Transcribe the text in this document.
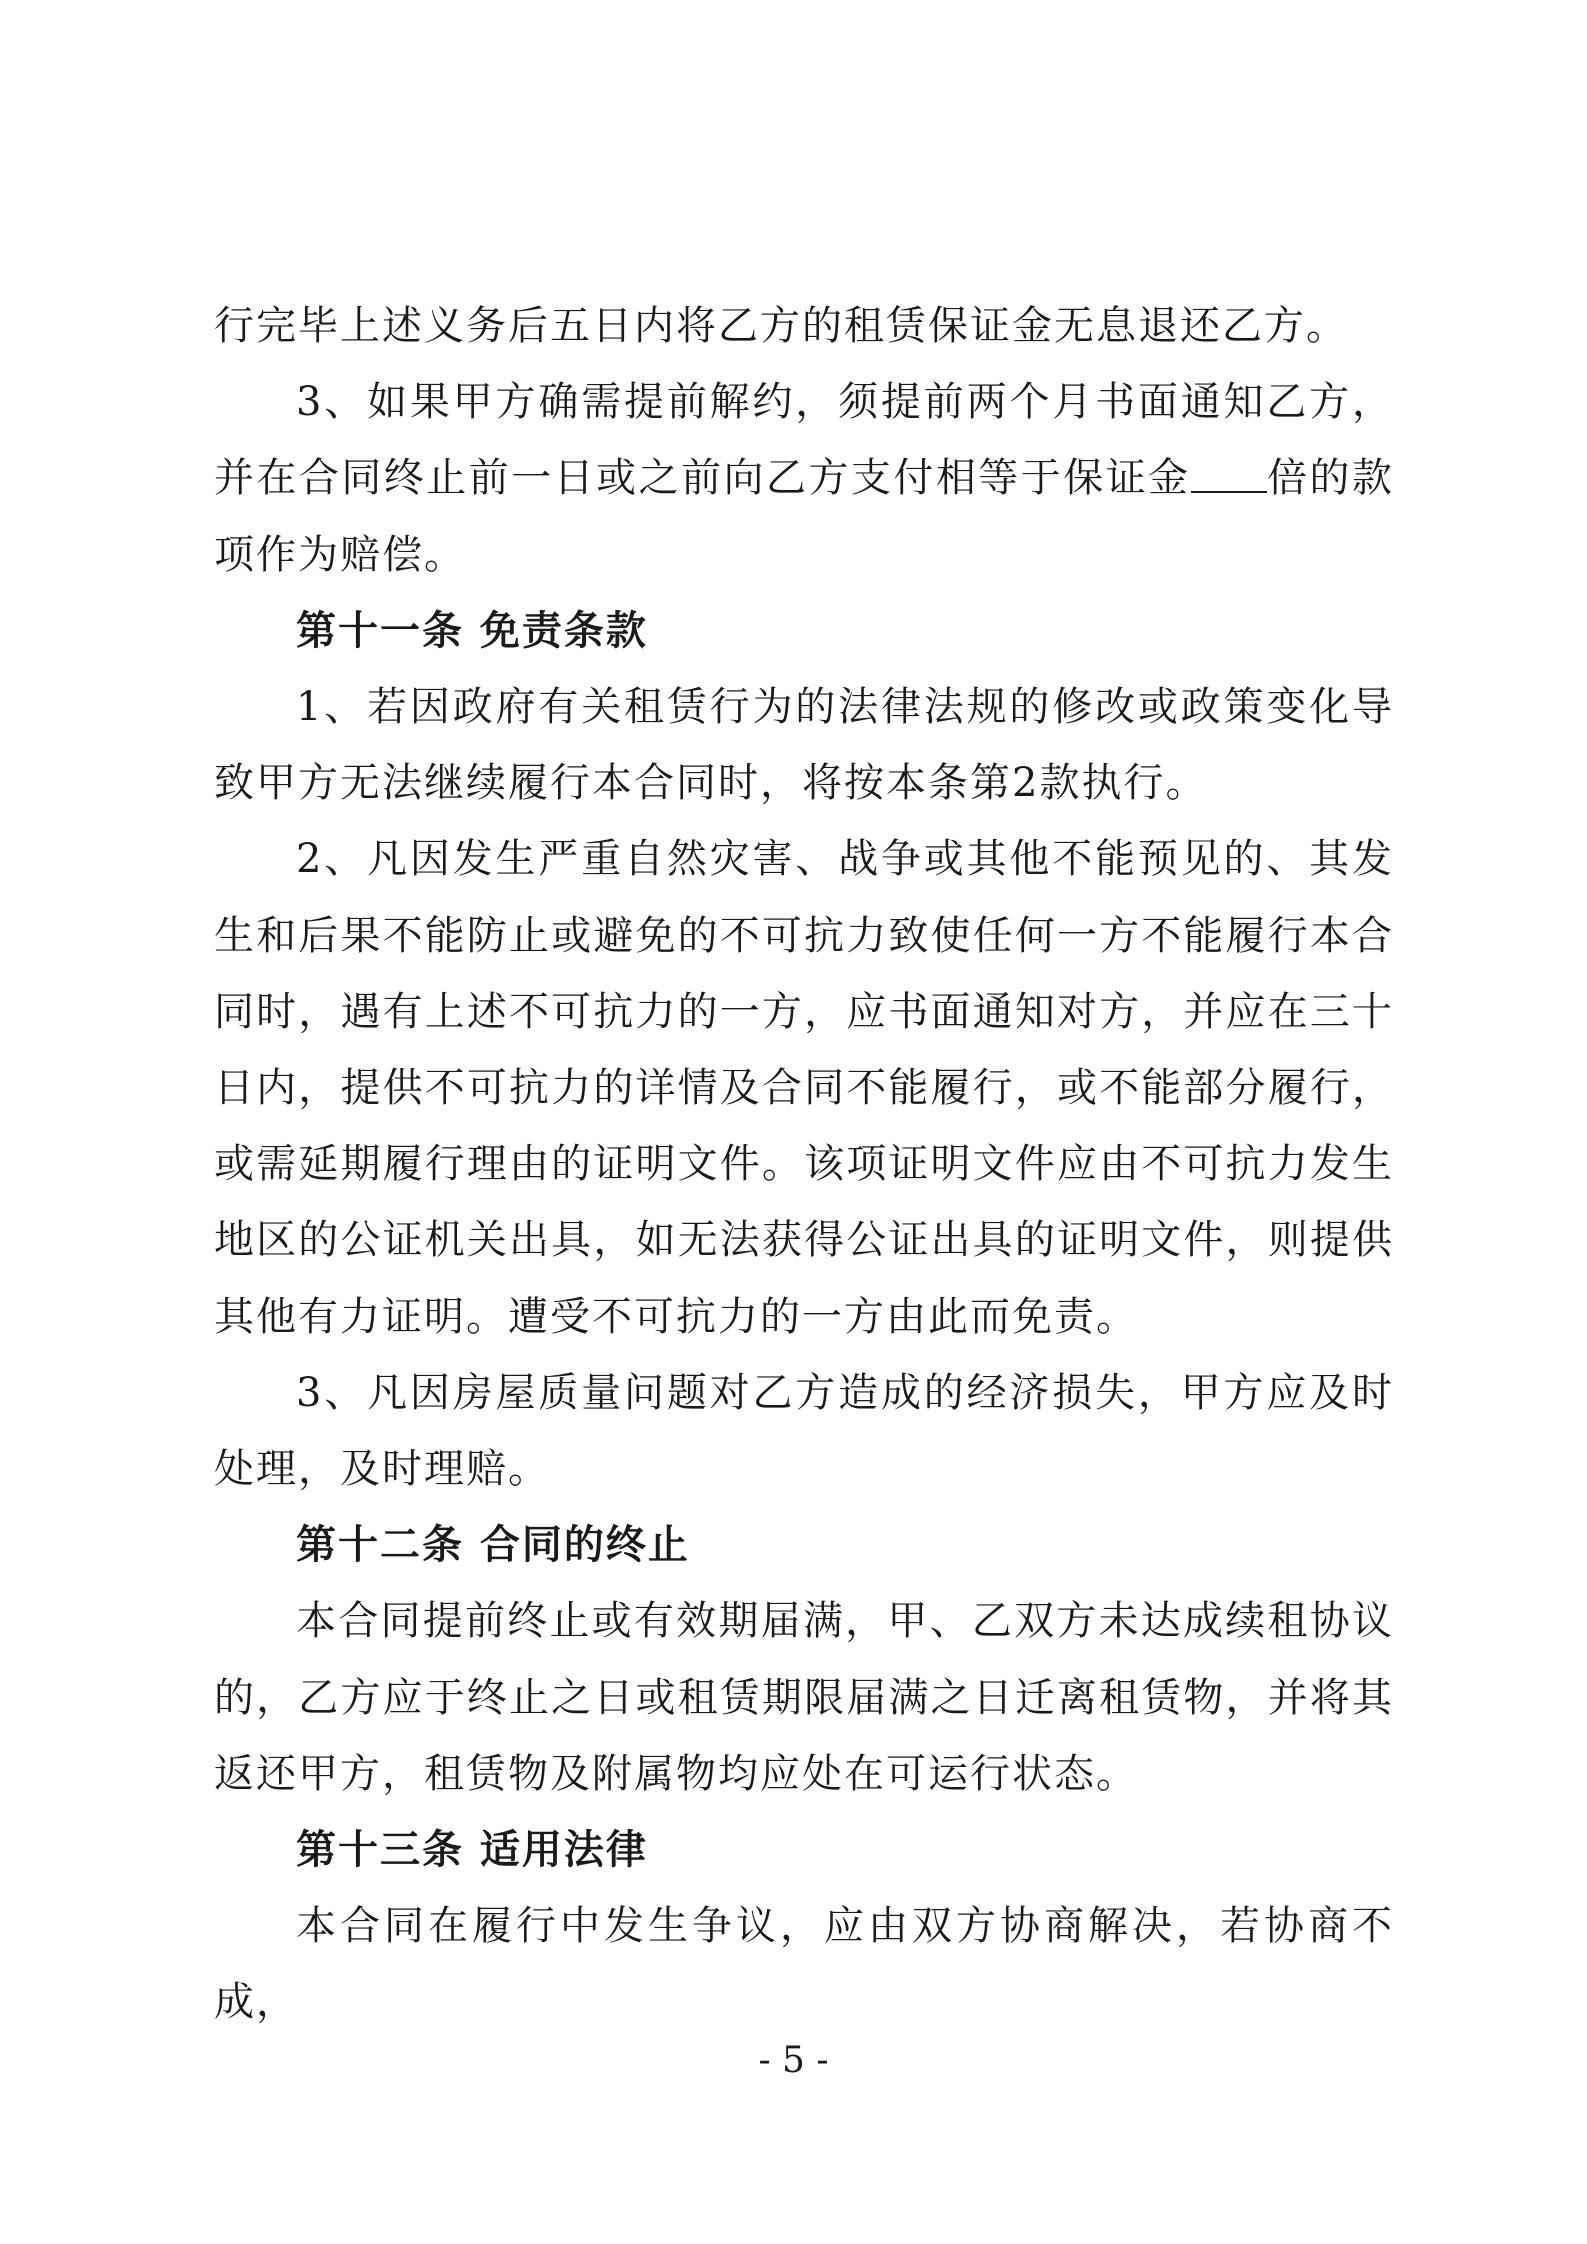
行完毕上述义务后五日内将乙方的租赁保证金无息退还乙方。

3、如果甲方确需提前解约，须提前两个月书面通知乙方，并在合同终止前一日或之前向乙方支付相等于保证金 倍的款项作为赔偿。

第十一条 免责条款

1、若因政府有关租赁行为的法律法规的修改或政策变化导致甲方无法继续履行本合同时，将按本条第2款执行。

2、凡因发生严重自然灾害、战争或其他不能预见的、其发生和后果不能防止或避免的不可抗力致使任何一方不能履行本合同时，遇有上述不可抗力的一方，应书面通知对方，并应在三十日内，提供不可抗力的详情及合同不能履行，或不能部分履行，或需延期履行理由的证明文件。该项证明文件应由不可抗力发生地区的公证机关出具，如无法获得公证出具的证明文件，则提供其他有力证明。遭受不可抗力的一方由此而免责。

3、凡因房屋质量问题对乙方造成的经济损失，甲方应及时处理，及时理赔。

第十二条 合同的终止

本合同提前终止或有效期届满，甲、乙双方未达成续租协议的，乙方应于终止之日或租赁期限届满之日迁离租赁物，并将其返还甲方，租赁物及附属物均应处在可运行状态。

第十三条 适用法律

本合同在履行中发生争议，应由双方协商解决，若协商不成，

- 5 -
